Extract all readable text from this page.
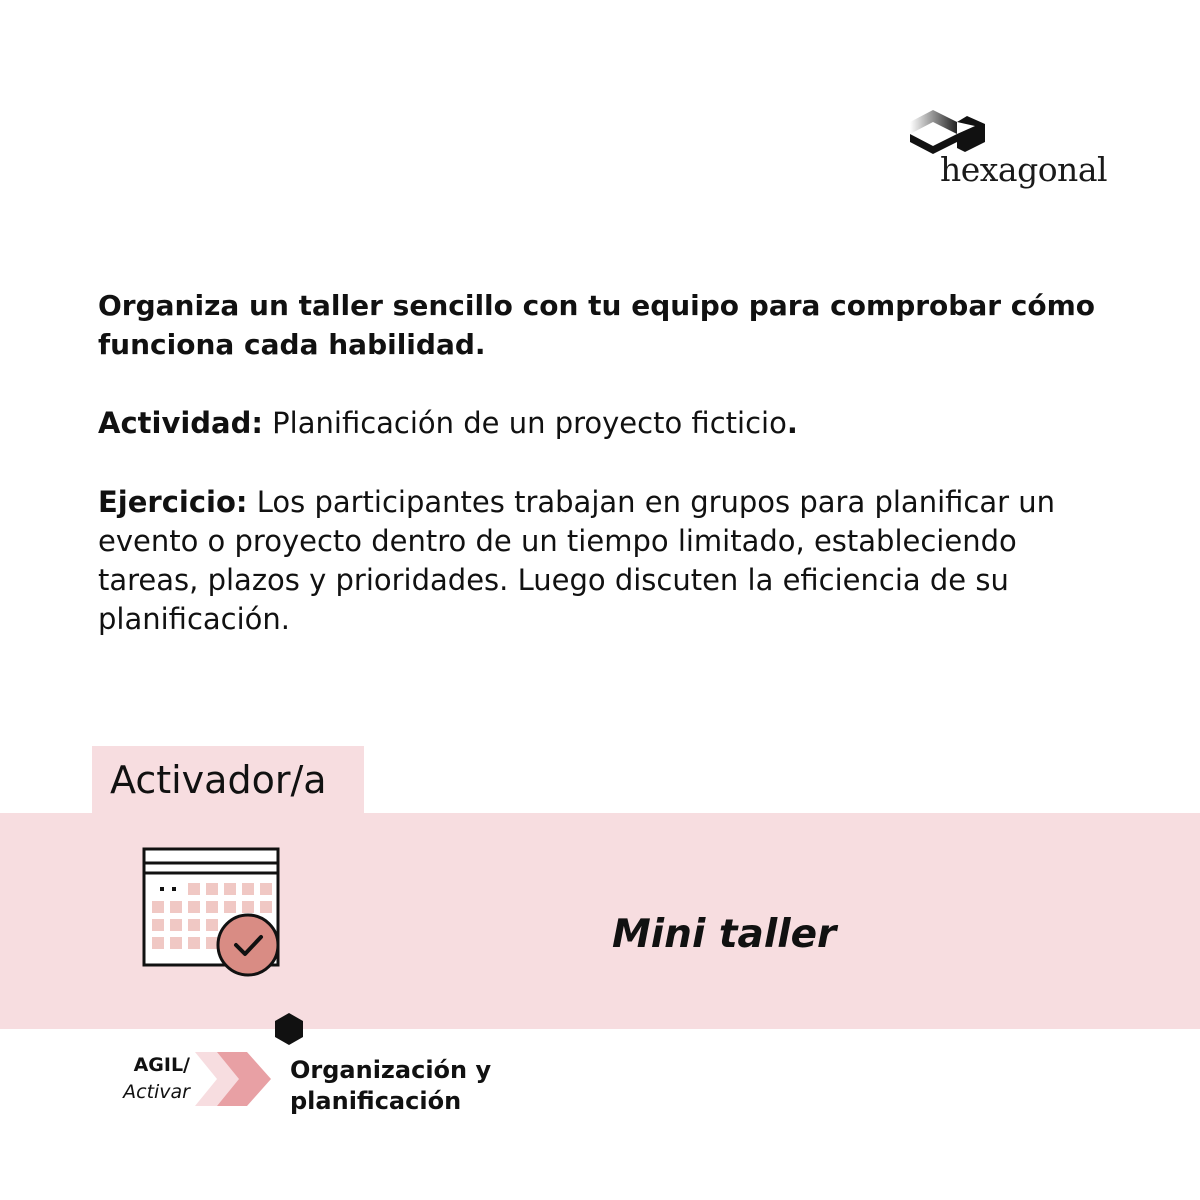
hexagonal

Organiza un taller sencillo con tu equipo para comprobar cómo funciona cada habilidad.

Actividad: Planificación de un proyecto ficticio.

Ejercicio: Los participantes trabajan en grupos para planificar un evento o proyecto dentro de un tiempo limitado, estableciendo tareas, plazos y prioridades. Luego discuten la eficiencia de su planificación.

Activador/a
Mini taller
AGIL/
Activar
Organización y planificación
